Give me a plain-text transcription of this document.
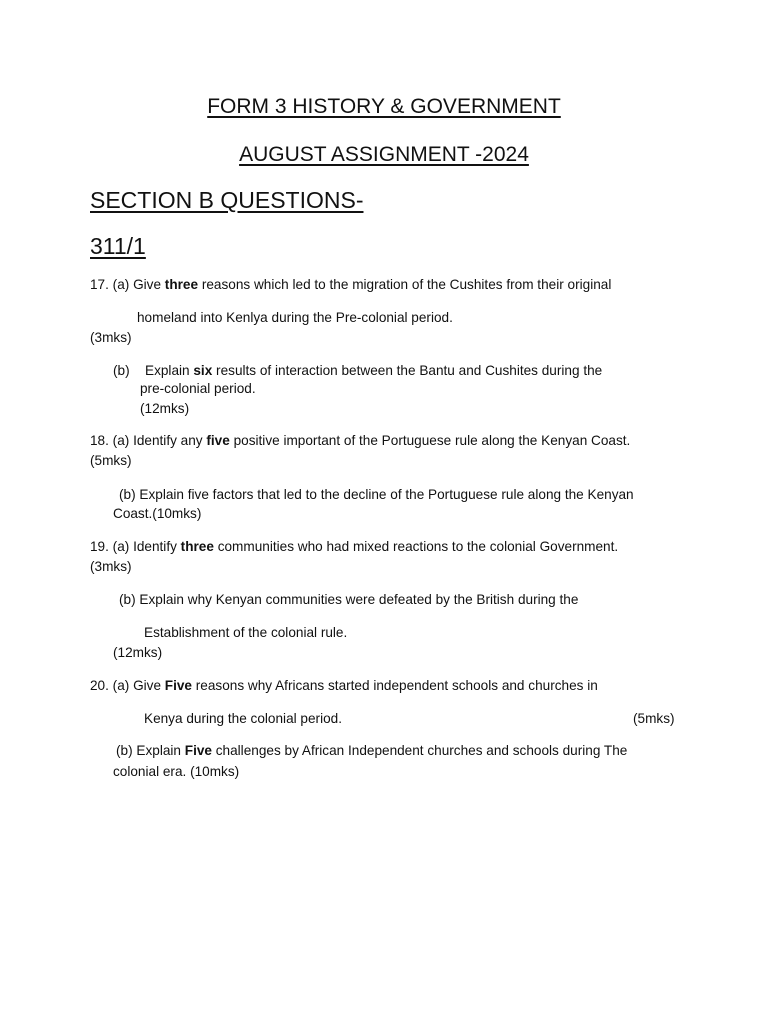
FORM 3 HISTORY & GOVERNMENT
AUGUST ASSIGNMENT -2024
SECTION B QUESTIONS-
311/1
17. (a) Give three reasons which led to the migration of the Cushites from their original
homeland into Kenlya during the Pre-colonial period.
(3mks)
(b) Explain six results of interaction between the Bantu and Cushites during the
pre-colonial period.
(12mks)
18. (a) Identify any five positive important of the Portuguese rule along the Kenyan Coast.
(5mks)
(b) Explain five factors that led to the decline of the Portuguese rule along the Kenyan
Coast.(10mks)
19. (a) Identify three communities who had mixed reactions to the colonial Government.
(3mks)
(b) Explain why Kenyan communities were defeated by the British during the
Establishment of the colonial rule.
(12mks)
20. (a) Give Five reasons why Africans started independent schools and churches in
Kenya during the colonial period.	(5mks)
(b) Explain Five challenges by African Independent churches and schools during The
colonial era. (10mks)
